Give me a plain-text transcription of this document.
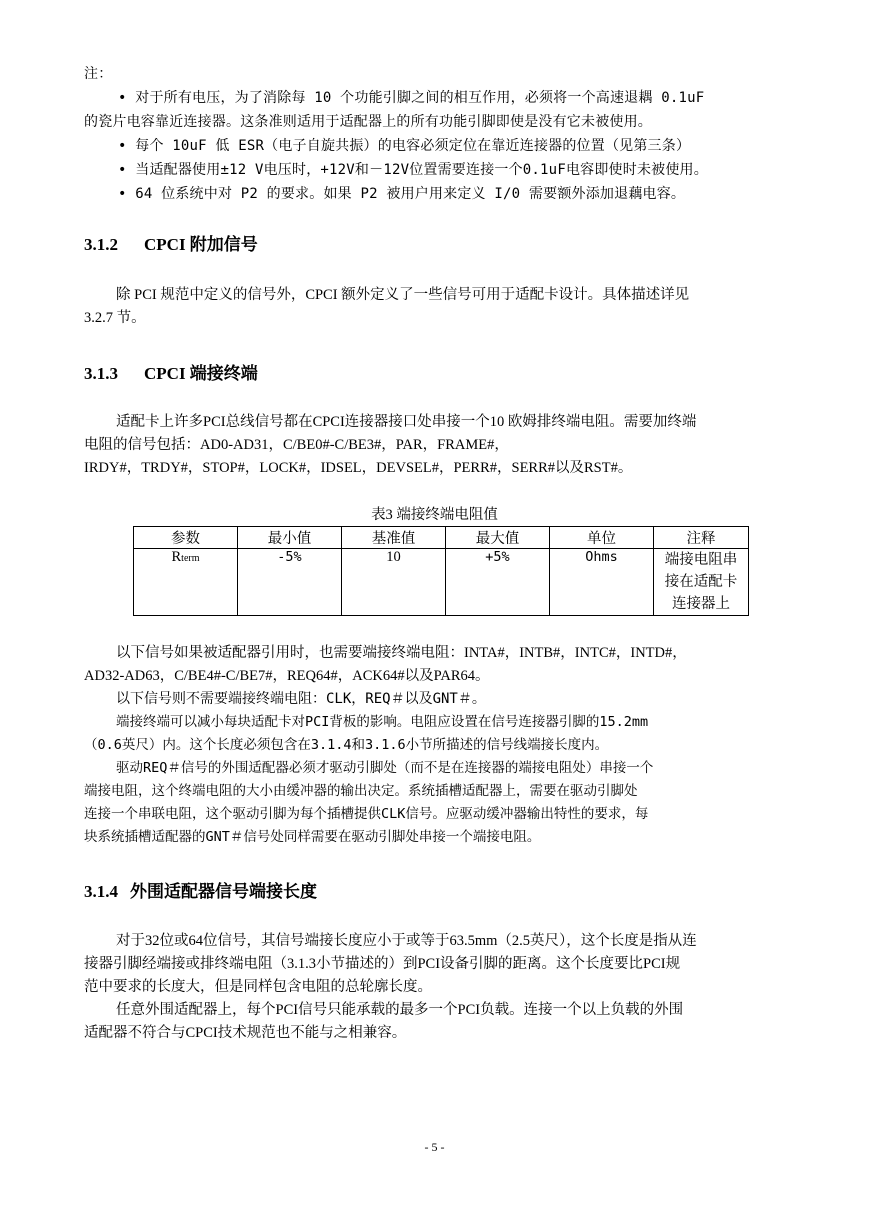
注：
• 对于所有电压，为了消除每 10 个功能引脚之间的相互作用，必须将一个高速退耦 0.1uF
的瓷片电容靠近连接器。这条准则适用于适配器上的所有功能引脚即使是没有它未被使用。
• 每个 10uF 低 ESR（电子自旋共振）的电容必须定位在靠近连接器的位置（见第三条）
• 当适配器使用±12 V电压时，+12V和－12V位置需要连接一个0.1uF电容即使时未被使用。
• 64 位系统中对 P2 的要求。如果 P2 被用户用来定义 I/0 需要额外添加退藕电容。
3.1.2 CPCI 附加信号
除 PCI 规范中定义的信号外，CPCI 额外定义了一些信号可用于适配卡设计。具体描述详见
3.2.7 节。
3.1.3 CPCI 端接终端
适配卡上许多PCI总线信号都在CPCI连接器接口处串接一个10 欧姆排终端电阻。需要加终端
电阻的信号包括：AD0-AD31，C/BE0#-C/BE3#，PAR，FRAME#，
IRDY#，TRDY#，STOP#，LOCK#，IDSEL，DEVSEL#，PERR#，SERR#以及RST#。
表3 端接终端电阻值
参数	最小值	基准值	最大值	单位	注释
Rterm	-5%	10	+5%	Ohms	端接电阻串
接在适配卡
连接器上
以下信号如果被适配器引用时，也需要端接终端电阻：INTA#，INTB#，INTC#，INTD#，
AD32-AD63，C/BE4#-C/BE7#，REQ64#，ACK64#以及PAR64。
以下信号则不需要端接终端电阻：CLK，REQ＃以及GNT＃。
端接终端可以减小每块适配卡对PCI背板的影响。电阻应设置在信号连接器引脚的15.2mm
（0.6英尺）内。这个长度必须包含在3.1.4和3.1.6小节所描述的信号线端接长度内。
驱动REQ＃信号的外围适配器必须才驱动引脚处（而不是在连接器的端接电阻处）串接一个
端接电阻，这个终端电阻的大小由缓冲器的输出决定。系统插槽适配器上，需要在驱动引脚处
连接一个串联电阻，这个驱动引脚为每个插槽提供CLK信号。应驱动缓冲器输出特性的要求，每
块系统插槽适配器的GNT＃信号处同样需要在驱动引脚处串接一个端接电阻。
3.1.4 外围适配器信号端接长度
对于32位或64位信号，其信号端接长度应小于或等于63.5mm（2.5英尺），这个长度是指从连
接器引脚经端接或排终端电阻（3.1.3小节描述的）到PCI设备引脚的距离。这个长度要比PCI规
范中要求的长度大，但是同样包含电阻的总轮廓长度。
任意外围适配器上，每个PCI信号只能承载的最多一个PCI负载。连接一个以上负载的外围
适配器不符合与CPCI技术规范也不能与之相兼容。
- 5 -
